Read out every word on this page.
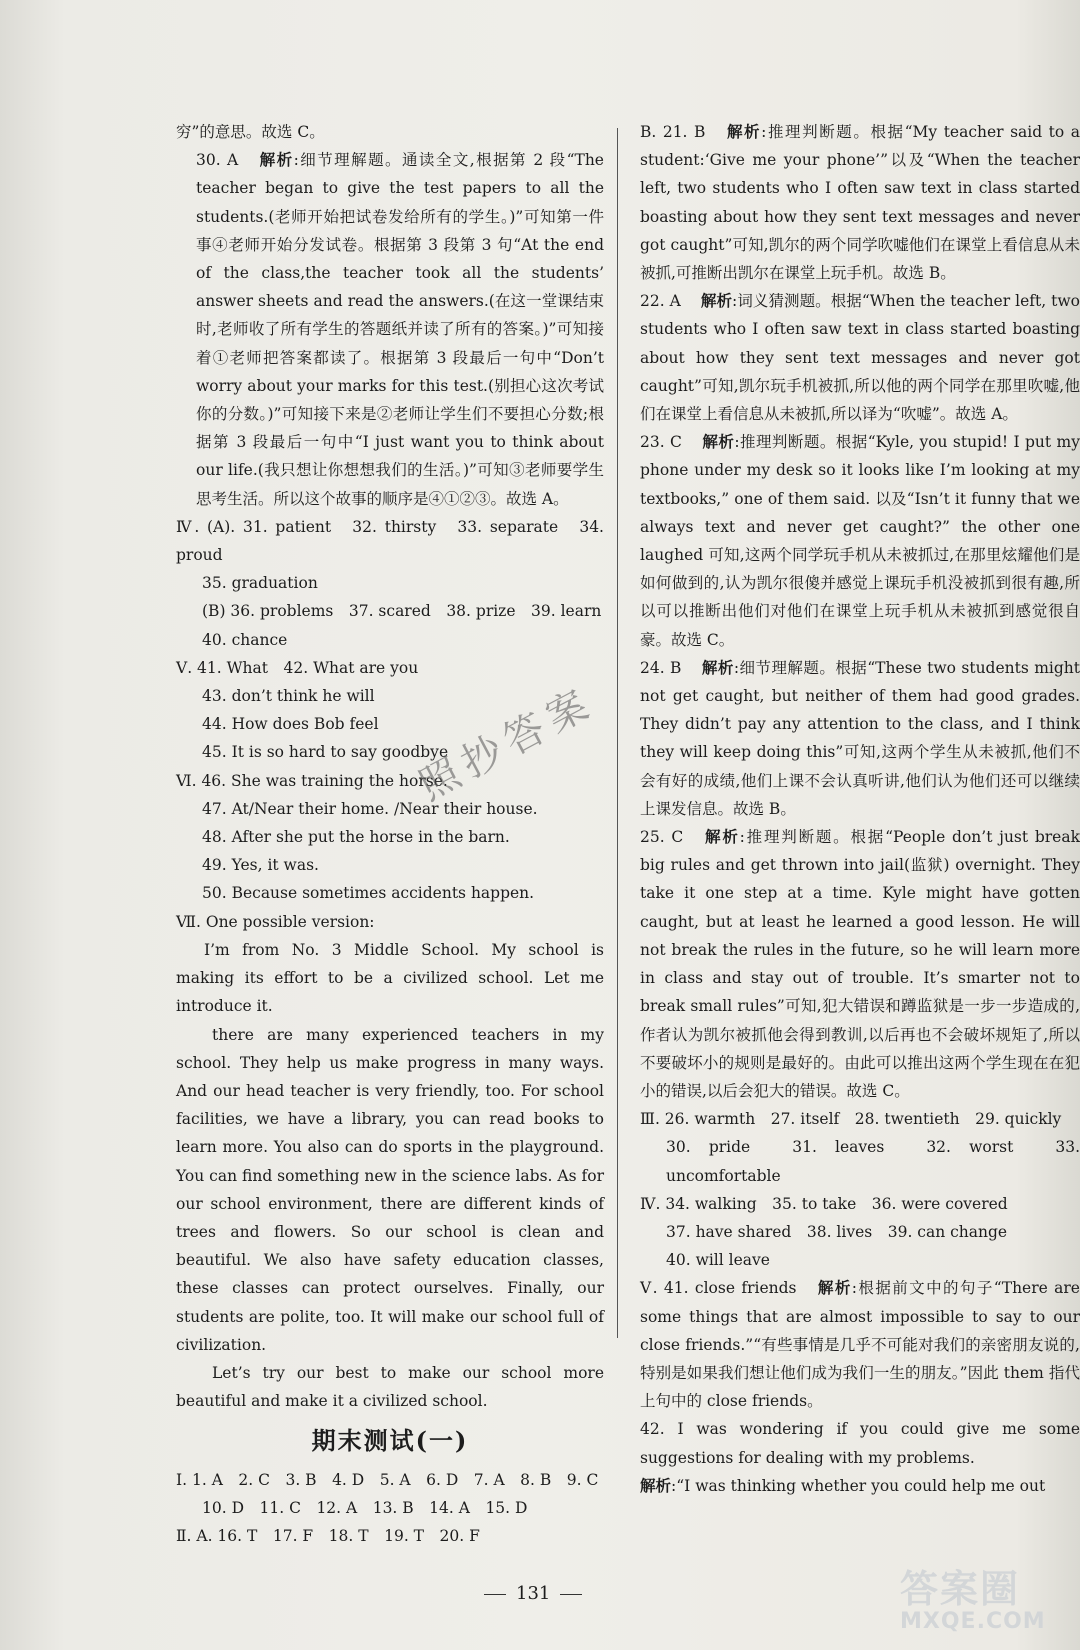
穷”的意思。故选 C。

30. A 解析:细节理解题。通读全文,根据第 2 段“The teacher began to give the test papers to all the students.(老师开始把试卷发给所有的学生。)”可知第一件事④老师开始分发试卷。根据第 3 段第 3 句“At the end of the class,the teacher took all the students’ answer sheets and read the answers.(在这一堂课结束时,老师收了所有学生的答题纸并读了所有的答案。)”可知接着①老师把答案都读了。根据第 3 段最后一句中“Don’t worry about your marks for this test.(别担心这次考试你的分数。)”可知接下来是②老师让学生们不要担心分数;根据第 3 段最后一句中“I just want you to think about our life.(我只想让你想想我们的生活。)”可知③老师要学生思考生活。所以这个故事的顺序是④①②③。故选 A。

Ⅳ. (A). 31. patient　32. thirsty　33. separate　34. proud

35. graduation

(B) 36. problems　37. scared　38. prize　39. learn

40. chance

Ⅴ. 41. What　42. What are you

43. don’t think he will

44. How does Bob feel

45. It is so hard to say goodbye

Ⅵ. 46. She was training the horse.

47. At/Near their home. /Near their house.

48. After she put the horse in the barn.

49. Yes, it was.

50. Because sometimes accidents happen.

Ⅶ. One possible version:

I’m from No. 3 Middle School. My school is making its effort to be a civilized school. Let me introduce it.

there are many experienced teachers in my school. They help us make progress in many ways. And our head teacher is very friendly, too. For school facilities, we have a library, you can read books to learn more. You also can do sports in the playground. You can find something new in the science labs. As for our school environment, there are different kinds of trees and flowers. So our school is clean and beautiful. We also have safety education classes, these classes can protect ourselves. Finally, our students are polite, too. It will make our school full of civilization.

Let’s try our best to make our school more beautiful and make it a civilized school.

期末测试(一)

Ⅰ. 1. A　2. C　3. B　4. D　5. A　6. D　7. A　8. B　9. C

10. D　11. C　12. A　13. B　14. A　15. D

Ⅱ. A. 16. T　17. F　18. T　19. T　20. F

B. 21. B 解析:推理判断题。根据“My teacher said to a student:‘Give me your phone’”以及“When the teacher left, two students who I often saw text in class started boasting about how they sent text messages and never got caught”可知,凯尔的两个同学吹嘘他们在课堂上看信息从未被抓,可推断出凯尔在课堂上玩手机。故选 B。

22. A 解析:词义猜测题。根据“When the teacher left, two students who I often saw text in class started boasting about how they sent text messages and never got caught”可知,凯尔玩手机被抓,所以他的两个同学在那里吹嘘,他们在课堂上看信息从未被抓,所以译为“吹嘘”。故选 A。

23. C 解析:推理判断题。根据“Kyle, you stupid! I put my phone under my desk so it looks like I’m looking at my textbooks,” one of them said. 以及“Isn’t it funny that we always text and never get caught?” the other one laughed 可知,这两个同学玩手机从未被抓过,在那里炫耀他们是如何做到的,认为凯尔很傻并感觉上课玩手机没被抓到很有趣,所以可以推断出他们对他们在课堂上玩手机从未被抓到感觉很自豪。故选 C。

24. B 解析:细节理解题。根据“These two students might not get caught, but neither of them had good grades. They didn’t pay any attention to the class, and I think they will keep doing this”可知,这两个学生从未被抓,他们不会有好的成绩,他们上课不会认真听讲,他们认为他们还可以继续上课发信息。故选 B。

25. C 解析:推理判断题。根据“People don’t just break big rules and get thrown into jail(监狱) overnight. They take it one step at a time. Kyle might have gotten caught, but at least he learned a good lesson. He will not break the rules in the future, so he will learn more in class and stay out of trouble. It’s smarter not to break small rules”可知,犯大错误和蹲监狱是一步一步造成的,作者认为凯尔被抓他会得到教训,以后再也不会破坏规矩了,所以不要破坏小的规则是最好的。由此可以推出这两个学生现在在犯小的错误,以后会犯大的错误。故选 C。

Ⅲ. 26. warmth　27. itself　28. twentieth　29. quickly

30. pride　31. leaves　32. worst　33. uncomfortable

Ⅳ. 34. walking　35. to take　36. were covered

37. have shared　38. lives　39. can change

40. will leave

Ⅴ. 41. close friends 解析:根据前文中的句子“There are some things that are almost impossible to say to our close friends.”“有些事情是几乎不可能对我们的亲密朋友说的,特别是如果我们想让他们成为我们一生的朋友。”因此 them 指代上句中的 close friends。

42. I was wondering if you could give me some suggestions for dealing with my problems.

解析:“I was thinking whether you could help me out

照抄答案
131	答案圈
MXQE.COM
